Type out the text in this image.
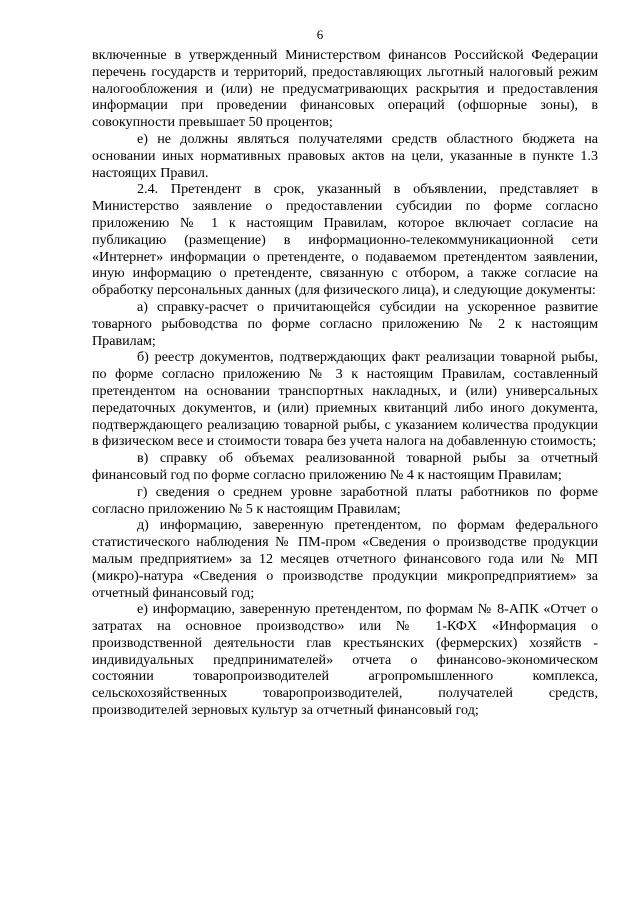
6

включенные в утвержденный Министерством финансов Российской Федерации перечень государств и территорий, предоставляющих льготный налоговый режим налогообложения и (или) не предусматривающих раскрытия и предоставления информации при проведении финансовых операций (офшорные зоны), в совокупности превышает 50 процентов;

е) не должны являться получателями средств областного бюджета на основании иных нормативных правовых актов на цели, указанные в пункте 1.3 настоящих Правил.

2.4. Претендент в срок, указанный в объявлении, представляет в Министерство заявление о предоставлении субсидии по форме согласно приложению № 1 к настоящим Правилам, которое включает согласие на публикацию (размещение) в информационно-телекоммуникационной сети «Интернет» информации о претенденте, о подаваемом претендентом заявлении, иную информацию о претенденте, связанную с отбором, а также согласие на обработку персональных данных (для физического лица), и следующие документы:

а) справку-расчет о причитающейся субсидии на ускоренное развитие товарного рыбоводства по форме согласно приложению № 2 к настоящим Правилам;

б) реестр документов, подтверждающих факт реализации товарной рыбы, по форме согласно приложению № 3 к настоящим Правилам, составленный претендентом на основании транспортных накладных, и (или) универсальных передаточных документов, и (или) приемных квитанций либо иного документа, подтверждающего реализацию товарной рыбы, с указанием количества продукции в физическом весе и стоимости товара без учета налога на добавленную стоимость;

в) справку об объемах реализованной товарной рыбы за отчетный финансовый год по форме согласно приложению № 4 к настоящим Правилам;

г) сведения о среднем уровне заработной платы работников по форме согласно приложению № 5 к настоящим Правилам;

д) информацию, заверенную претендентом, по формам федерального статистического наблюдения № ПМ-пром «Сведения о производстве продукции малым предприятием» за 12 месяцев отчетного финансового года или № МП (микро)-натура «Сведения о производстве продукции микропредприятием» за отчетный финансовый год;

е) информацию, заверенную претендентом, по формам № 8-АПК «Отчет о затратах на основное производство» или № 1-КФХ «Информация о производственной деятельности глав крестьянских (фермерских) хозяйств - индивидуальных предпринимателей» отчета о финансово-экономическом состоянии товаропроизводителей агропромышленного комплекса, сельскохозяйственных товаропроизводителей, получателей средств, производителей зерновых культур за отчетный финансовый год;
